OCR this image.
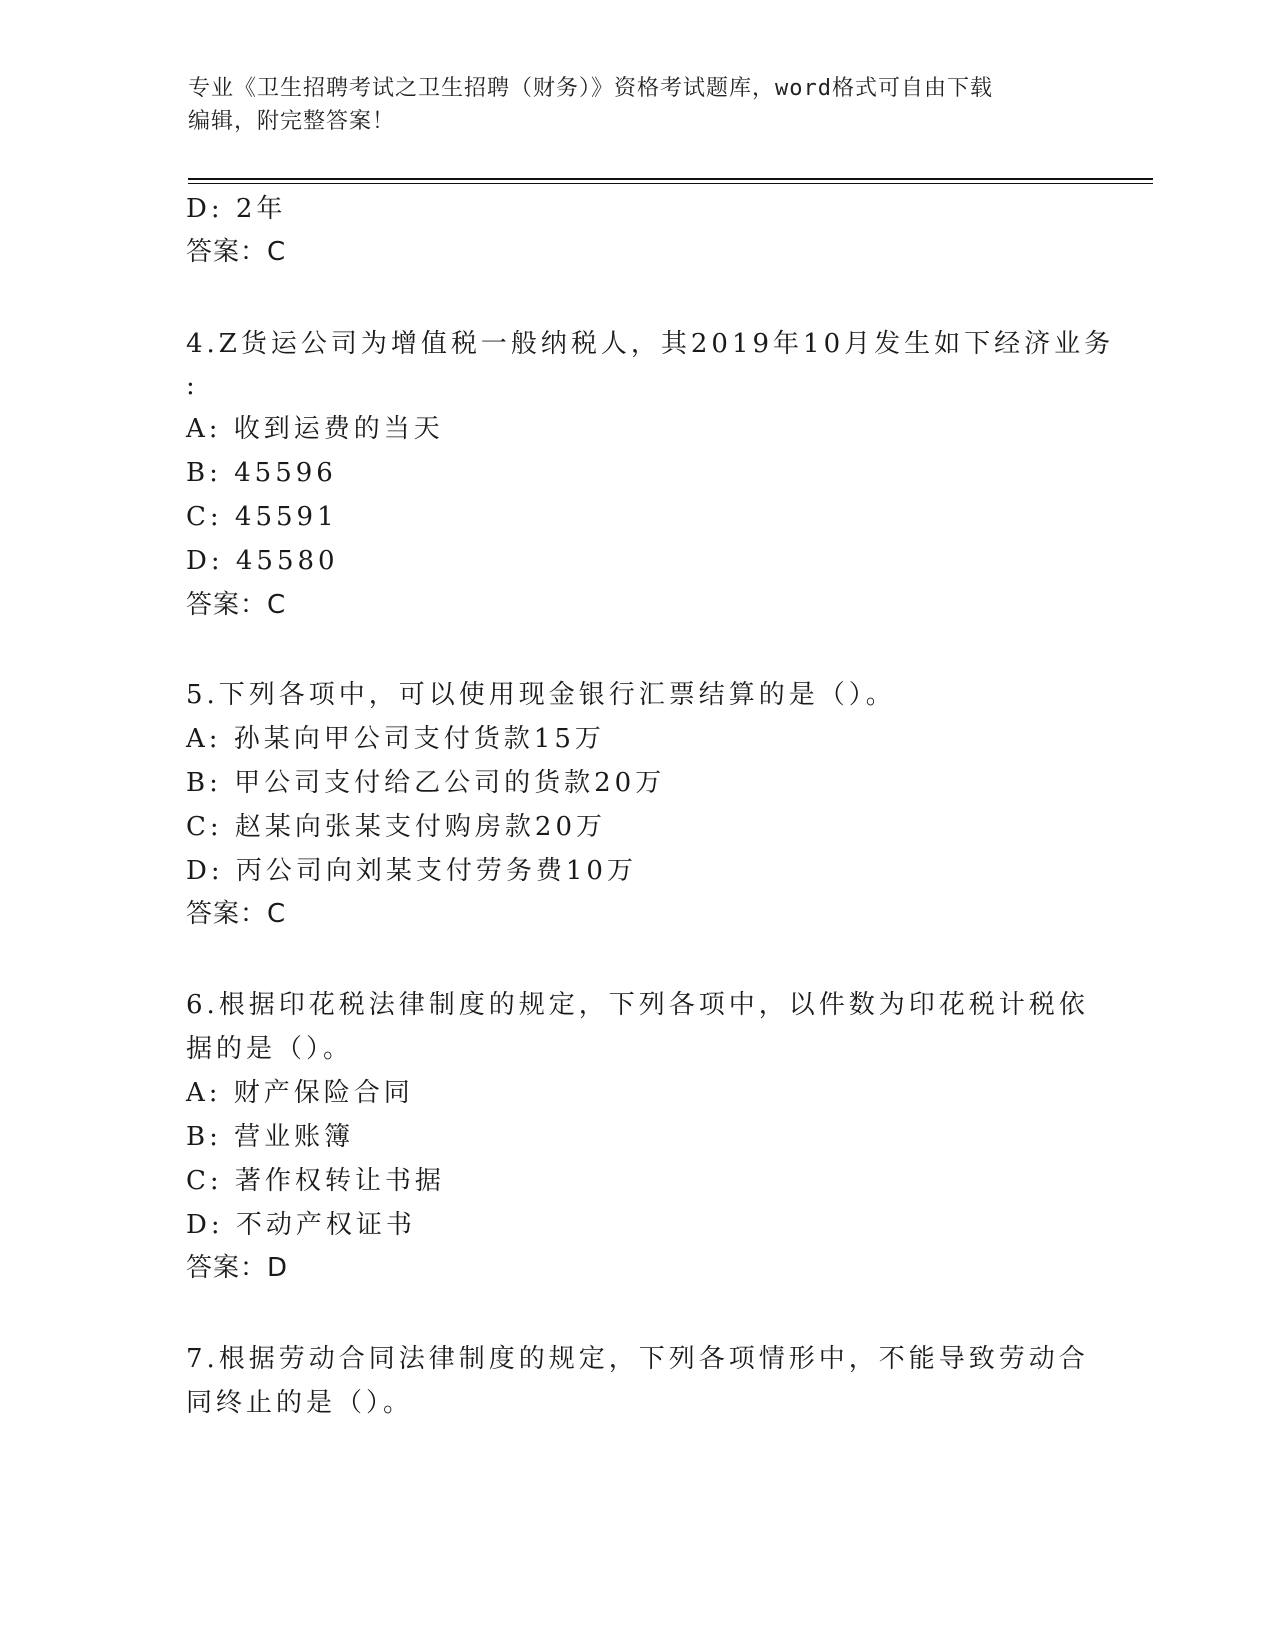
专业《卫生招聘考试之卫生招聘（财务）》资格考试题库，word格式可自由下载
编辑，附完整答案！
D: 2年
答案：C
4.Z货运公司为增值税一般纳税人，其2019年10月发生如下经济业务
:
A: 收到运费的当天
B: 45596
C: 45591
D: 45580
答案：C
5.下列各项中，可以使用现金银行汇票结算的是（）。
A: 孙某向甲公司支付货款15万
B: 甲公司支付给乙公司的货款20万
C: 赵某向张某支付购房款20万
D: 丙公司向刘某支付劳务费10万
答案：C
6.根据印花税法律制度的规定，下列各项中，以件数为印花税计税依
据的是（）。
A: 财产保险合同
B: 营业账簿
C: 著作权转让书据
D: 不动产权证书
答案：D
7.根据劳动合同法律制度的规定，下列各项情形中，不能导致劳动合
同终止的是（）。
